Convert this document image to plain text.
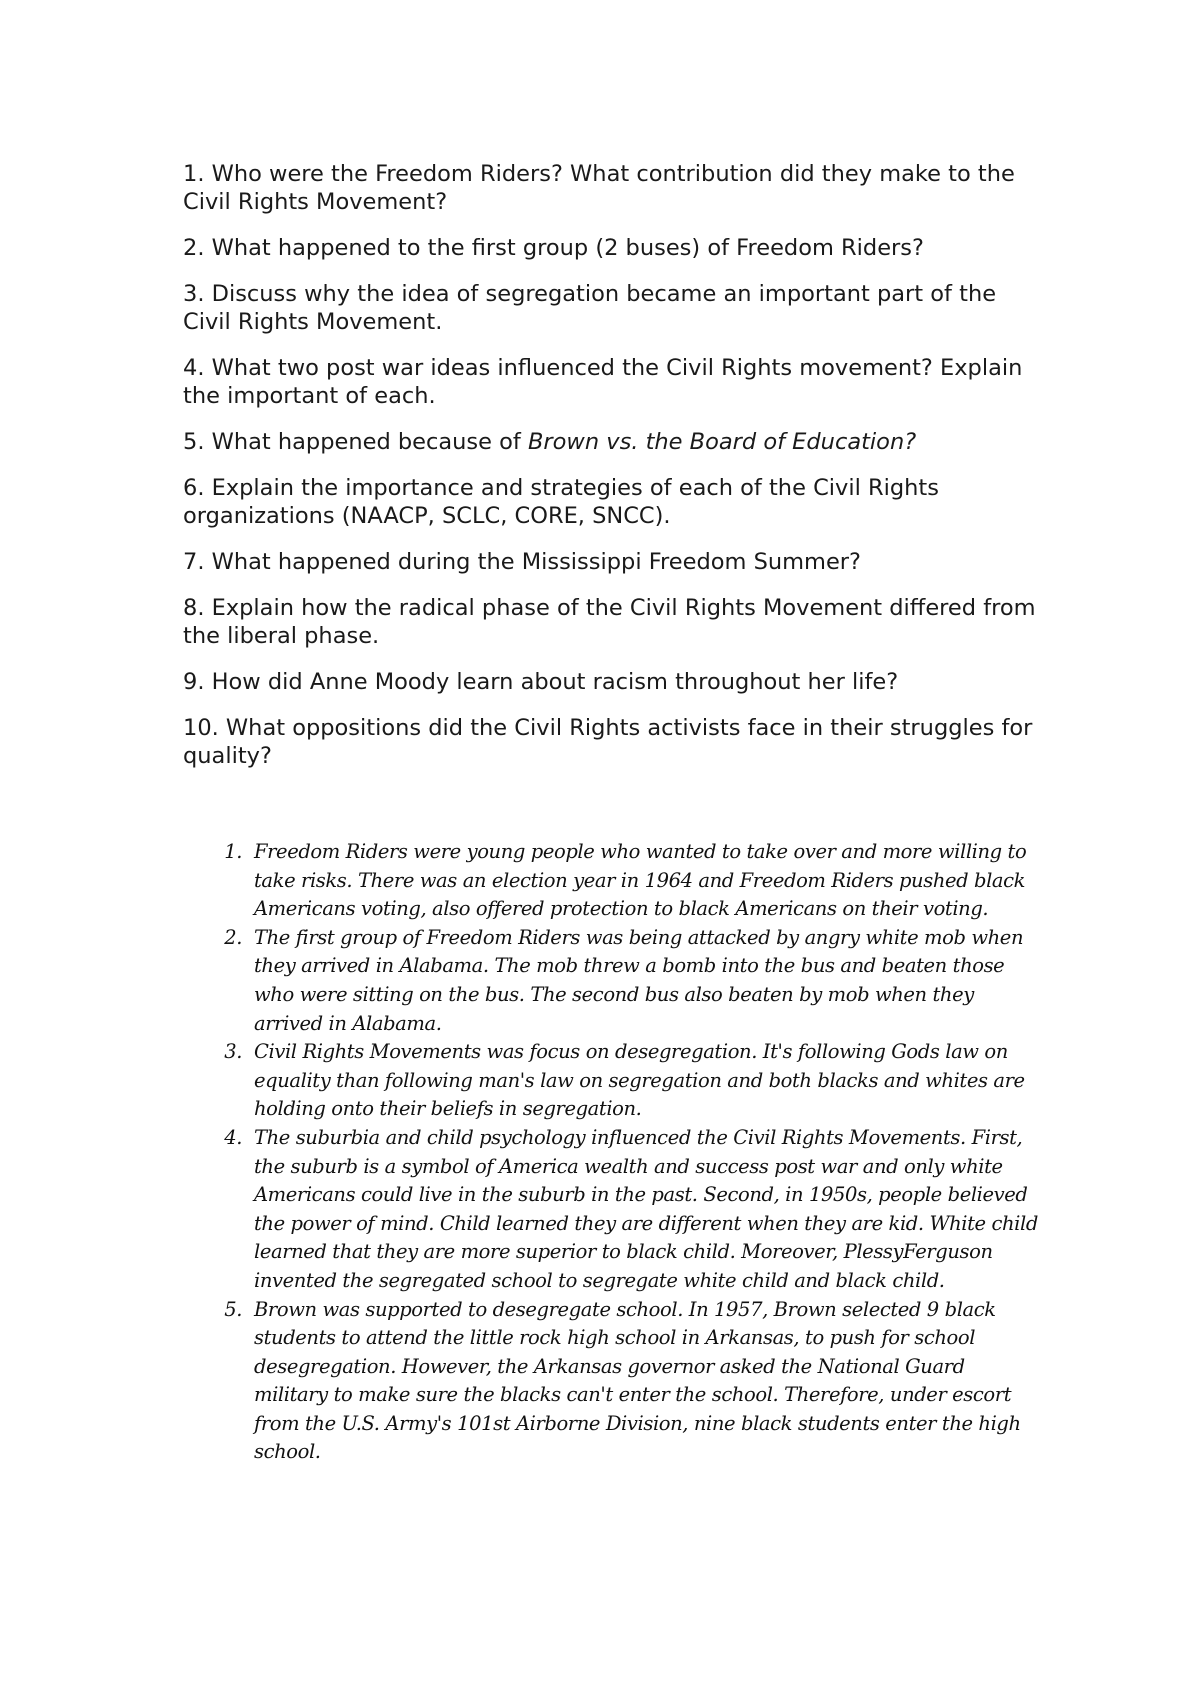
1. Who were the Freedom Riders? What contribution did they make to the Civil Rights Movement?

2. What happened to the first group (2 buses) of Freedom Riders?

3. Discuss why the idea of segregation became an important part of the Civil Rights Movement.

4. What two post war ideas influenced the Civil Rights movement? Explain the important of each.

5. What happened because of Brown vs. the Board of Education?

6. Explain the importance and strategies of each of the Civil Rights organizations (NAACP, SCLC, CORE, SNCC).

7. What happened during the Mississippi Freedom Summer?

8. Explain how the radical phase of the Civil Rights Movement differed from the liberal phase.

9. How did Anne Moody learn about racism throughout her life?

10. What oppositions did the Civil Rights activists face in their struggles for quality?

1. Freedom Riders were young people who wanted to take over and more willing to take risks. There was an election year in 1964 and Freedom Riders pushed black Americans voting, also offered protection to black Americans on their voting.
2. The first group of Freedom Riders was being attacked by angry white mob when they arrived in Alabama. The mob threw a bomb into the bus and beaten those who were sitting on the bus. The second bus also beaten by mob when they arrived in Alabama.
3. Civil Rights Movements was focus on desegregation. It's following Gods law on equality than following man's law on segregation and both blacks and whites are holding onto their beliefs in segregation.
4. The suburbia and child psychology influenced the Civil Rights Movements. First, the suburb is a symbol of America wealth and success post war and only white Americans could live in the suburb in the past. Second, in 1950s, people believed the power of mind. Child learned they are different when they are kid. White child learned that they are more superior to black child. Moreover, PlessyFerguson invented the segregated school to segregate white child and black child.
5. Brown was supported to desegregate school. In 1957, Brown selected 9 black students to attend the little rock high school in Arkansas, to push for school desegregation. However, the Arkansas governor asked the National Guard military to make sure the blacks can't enter the school. Therefore, under escort from the U.S. Army's 101st Airborne Division, nine black students enter the high school.
